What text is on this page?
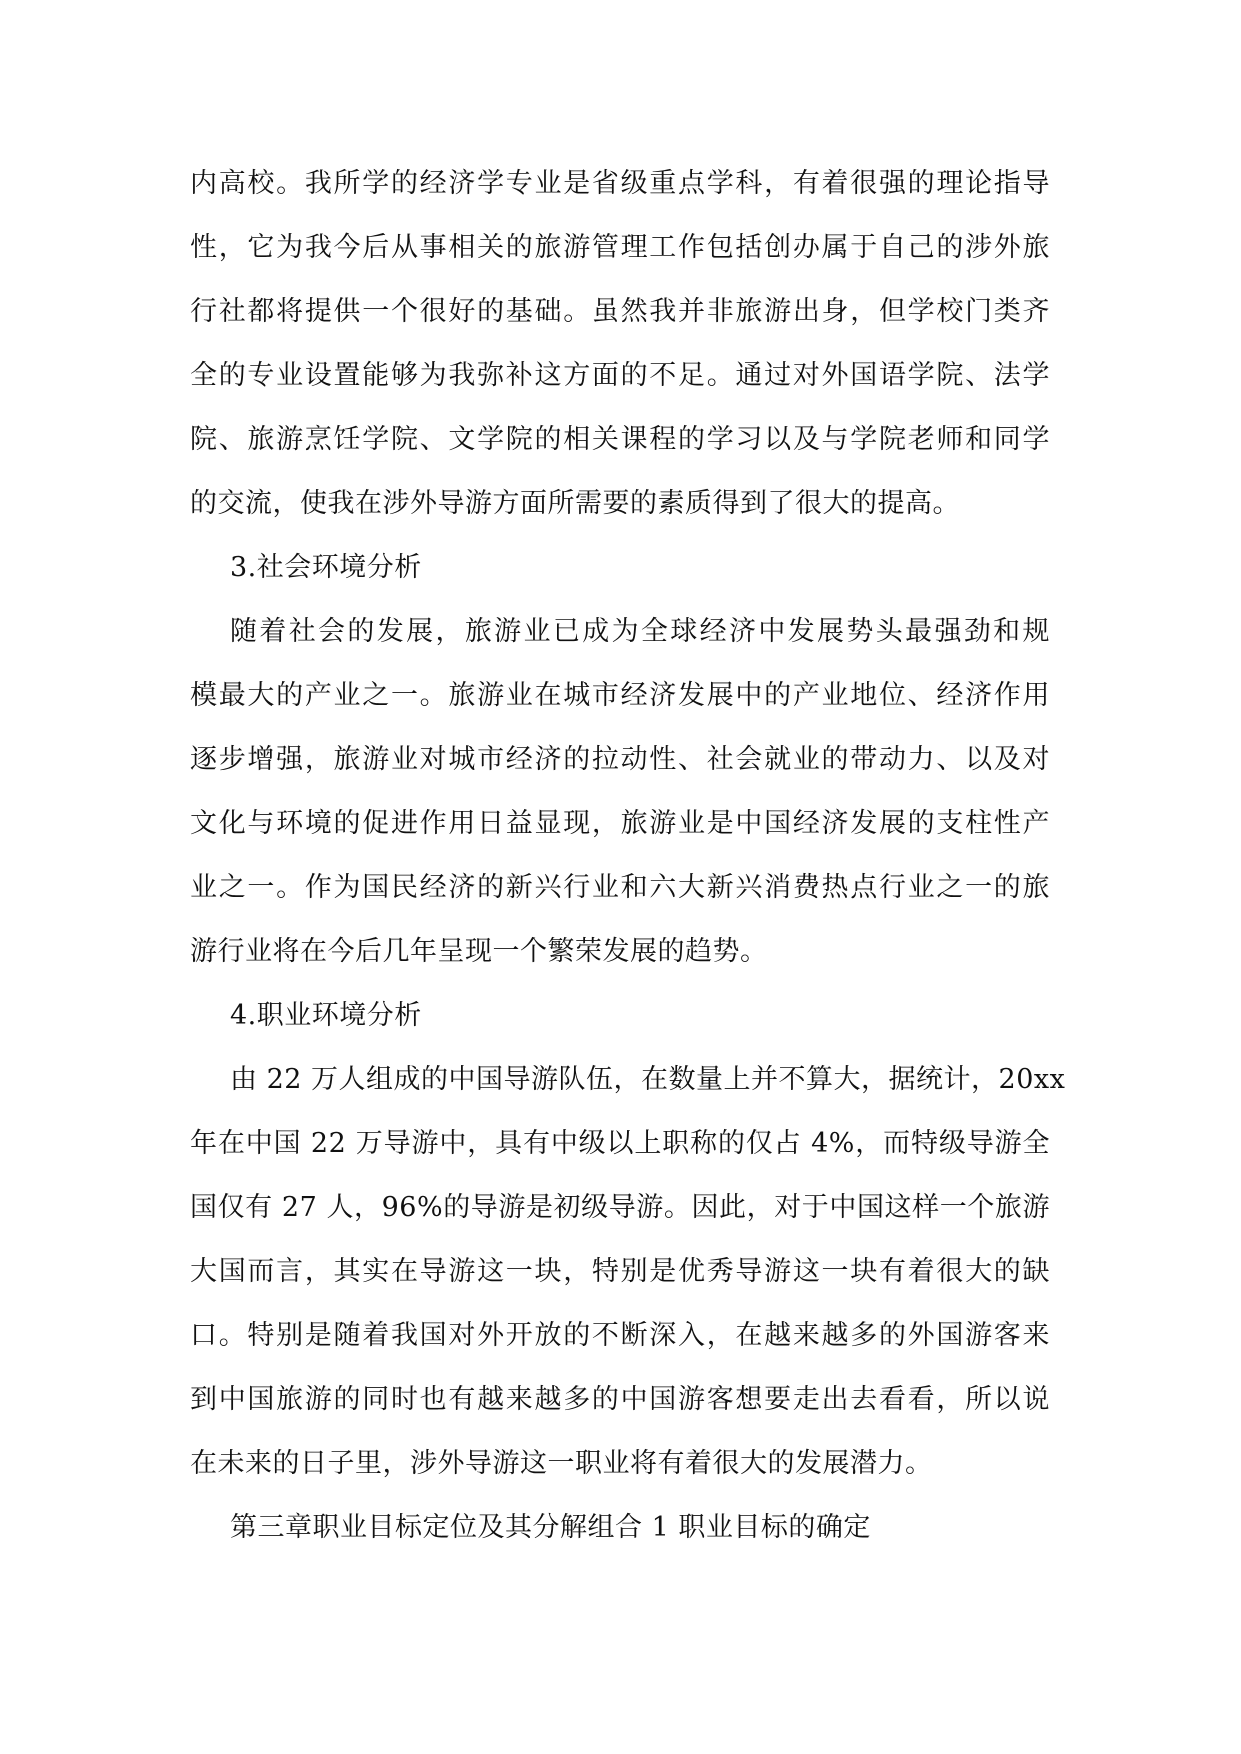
内高校。我所学的经济学专业是省级重点学科，有着很强的理论指导
性，它为我今后从事相关的旅游管理工作包括创办属于自己的涉外旅
行社都将提供一个很好的基础。虽然我并非旅游出身，但学校门类齐
全的专业设置能够为我弥补这方面的不足。通过对外国语学院、法学
院、旅游烹饪学院、文学院的相关课程的学习以及与学院老师和同学
的交流，使我在涉外导游方面所需要的素质得到了很大的提高。
3.社会环境分析
随着社会的发展，旅游业已成为全球经济中发展势头最强劲和规
模最大的产业之一。旅游业在城市经济发展中的产业地位、经济作用
逐步增强，旅游业对城市经济的拉动性、社会就业的带动力、以及对
文化与环境的促进作用日益显现，旅游业是中国经济发展的支柱性产
业之一。作为国民经济的新兴行业和六大新兴消费热点行业之一的旅
游行业将在今后几年呈现一个繁荣发展的趋势。
4.职业环境分析
由 22 万人组成的中国导游队伍，在数量上并不算大，据统计，20xx
年在中国 22 万导游中，具有中级以上职称的仅占 4%，而特级导游全
国仅有 27 人，96%的导游是初级导游。因此，对于中国这样一个旅游
大国而言，其实在导游这一块，特别是优秀导游这一块有着很大的缺
口。特别是随着我国对外开放的不断深入，在越来越多的外国游客来
到中国旅游的同时也有越来越多的中国游客想要走出去看看，所以说
在未来的日子里，涉外导游这一职业将有着很大的发展潜力。
第三章职业目标定位及其分解组合 1 职业目标的确定
